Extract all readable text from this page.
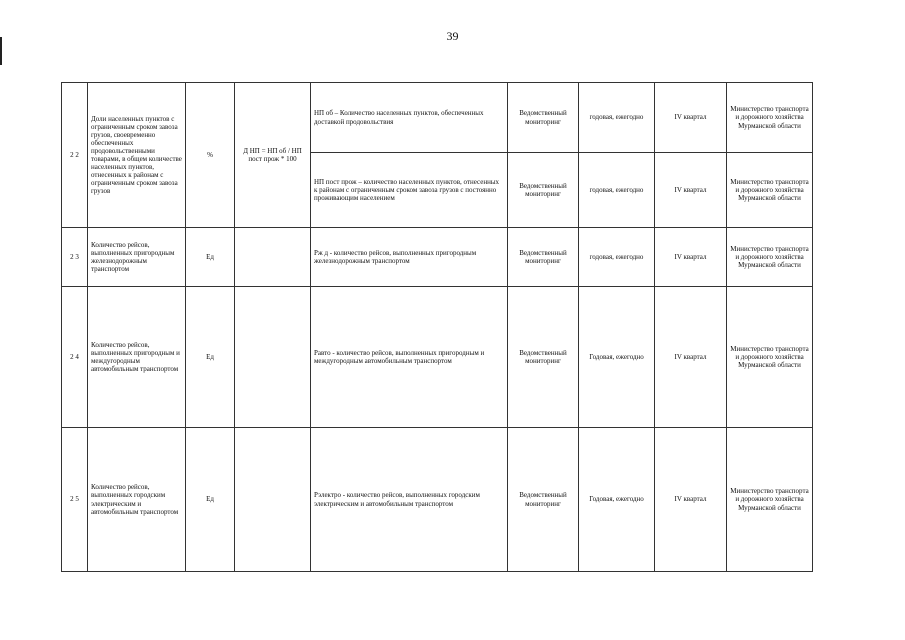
39
2 2	Доли населенных пунктов с ограниченным сроком завоза грузов, своевременно обеспеченных продовольственными товарами, в общем количестве населенных пунктов, отнесенных к районам с ограниченным сроком завоза грузов	%	Д НП = НП об / НП пост прож * 100	НП об – Количество населенных пунктов, обеспеченных доставкой продовольствия	Ведомственный мониторинг	годовая, ежегодно	IV квартал	Министерство транспорта и дорожного хозяйства Мурманской области
				НП пост прож – количество населенных пунктов, отнесенных к районам с ограниченным сроком завоза грузов с постоянно проживающим населением	Ведомственный мониторинг	годовая, ежегодно	IV квартал	Министерство транспорта и дорожного хозяйства Мурманской области
2 3	Количество рейсов, выполненных пригородным железнодорожным транспортом	Ед		Рж д - количество рейсов, выполненных пригородным железнодорожным транспортом	Ведомственный мониторинг	годовая, ежегодно	IV квартал	Министерство транспорта и дорожного хозяйства Мурманской области
2 4	Количество рейсов, выполненных пригородным и междугородным автомобильным транспортом	Ед		Равто - количество рейсов, выполненных пригородным и междугородным автомобильным транспортом	Ведомственный мониторинг	Годовая, ежегодно	IV квартал	Министерство транспорта и дорожного хозяйства Мурманской области
2 5	Количество рейсов, выполненных городским электрическим и автомобильным транспортом	Ед		Рэлектро - количество рейсов, выполненных городским электрическим и автомобильным транспортом	Ведомственный мониторинг	Годовая, ежегодно	IV квартал	Министерство транспорта и дорожного хозяйства Мурманской области
